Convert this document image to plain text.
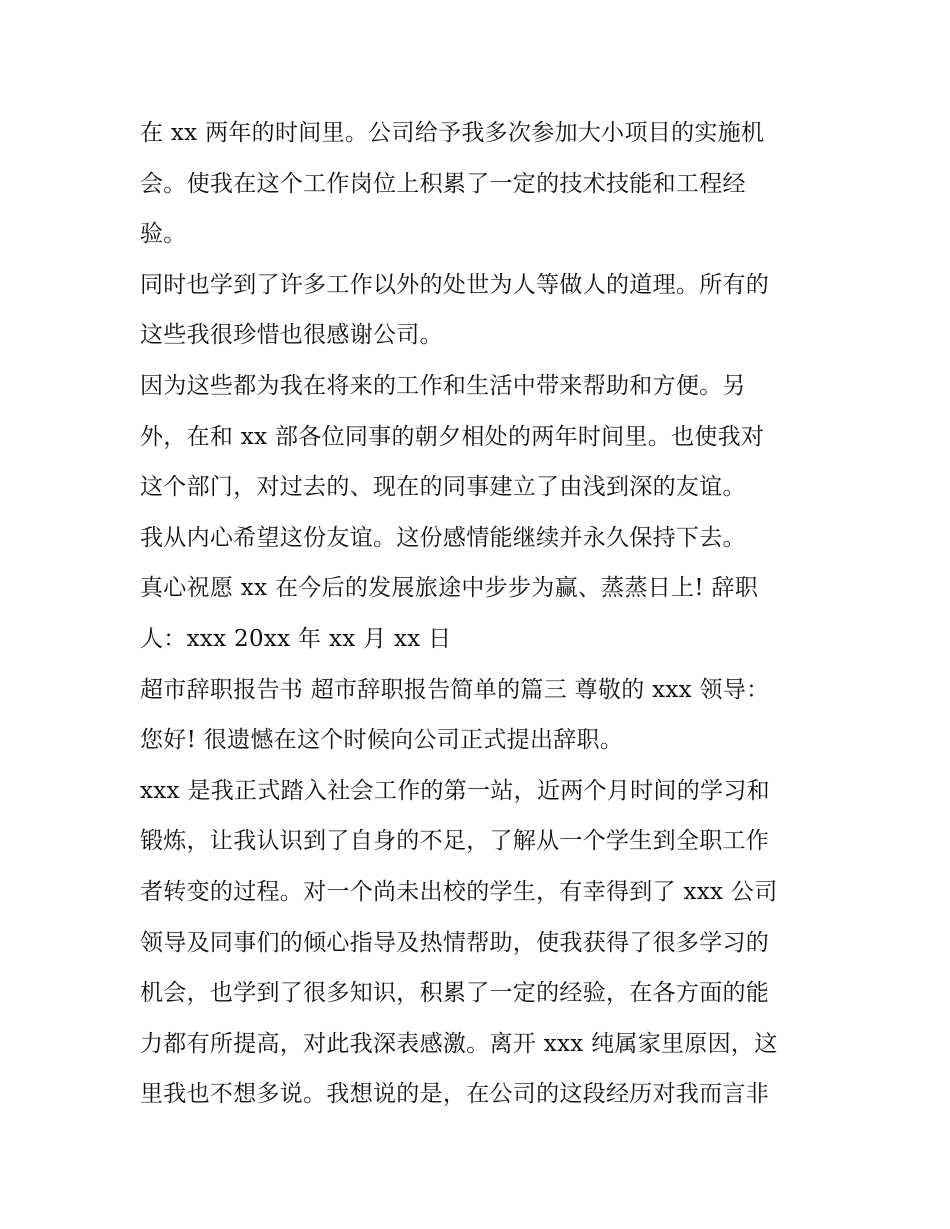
在 xx 两年的时间里。公司给予我多次参加大小项目的实施机
会。使我在这个工作岗位上积累了一定的技术技能和工程经
验。
同时也学到了许多工作以外的处世为人等做人的道理。所有的
这些我很珍惜也很感谢公司。
因为这些都为我在将来的工作和生活中带来帮助和方便。另
外，在和 xx 部各位同事的朝夕相处的两年时间里。也使我对
这个部门，对过去的、现在的同事建立了由浅到深的友谊。
我从内心希望这份友谊。这份感情能继续并永久保持下去。
真心祝愿 xx 在今后的发展旅途中步步为赢、蒸蒸日上! 辞职
人：xxx 20xx 年 xx 月 xx 日
超市辞职报告书 超市辞职报告简单的篇三 尊敬的 xxx 领导：
您好! 很遗憾在这个时候向公司正式提出辞职。
xxx 是我正式踏入社会工作的第一站，近两个月时间的学习和
锻炼，让我认识到了自身的不足，了解从一个学生到全职工作
者转变的过程。对一个尚未出校的学生，有幸得到了 xxx 公司
领导及同事们的倾心指导及热情帮助，使我获得了很多学习的
机会，也学到了很多知识，积累了一定的经验，在各方面的能
力都有所提高，对此我深表感激。离开 xxx 纯属家里原因，这
里我也不想多说。我想说的是，在公司的这段经历对我而言非
